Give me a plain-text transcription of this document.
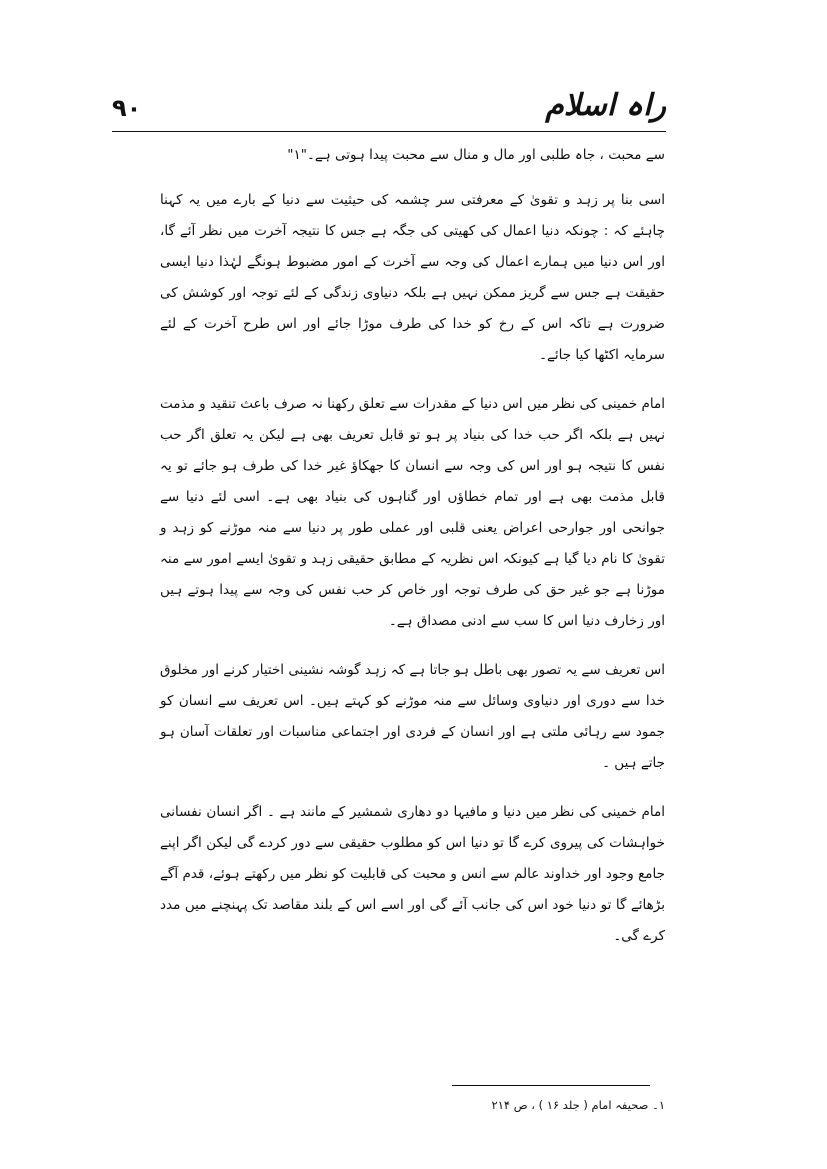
راہ اسلام
۹۰

سے محبت ، جاہ طلبی اور مال و منال سے محبت پیدا ہوتی ہے۔"۱"

اسی بنا پر زہد و تقویٰ کے معرفتی سر چشمہ کی حیثیت سے دنیا کے بارے میں یہ کہنا چاہئے کہ : چونکہ دنیا اعمال کی کھیتی کی جگہ ہے جس کا نتیجہ آخرت میں نظر آئے گا، اور اس دنیا میں ہمارے اعمال کی وجہ سے آخرت کے امور مضبوط ہونگے لہٰذا دنیا ایسی حقیقت ہے جس سے گریز ممکن نہیں ہے بلکہ دنیاوی زندگی کے لئے توجہ اور کوشش کی ضرورت ہے تاکہ اس کے رخ کو خدا کی طرف موڑا جائے اور اس طرح آخرت کے لئے سرمایہ اکٹھا کیا جائے۔

امام خمینی کی نظر میں اس دنیا کے مقدرات سے تعلق رکھنا نہ صرف باعث تنقید و مذمت نہیں ہے بلکہ اگر حب خدا کی بنیاد پر ہو تو قابل تعریف بھی ہے لیکن یہ تعلق اگر حب نفس کا نتیجہ ہو اور اس کی وجہ سے انسان کا جھکاؤ غیر خدا کی طرف ہو جائے تو یہ قابل مذمت بھی ہے اور تمام خطاؤں اور گناہوں کی بنیاد بھی ہے۔ اسی لئے دنیا سے جوانحی اور جوارحی اعراض یعنی قلبی اور عملی طور پر دنیا سے منہ موڑنے کو زہد و تقویٰ کا نام دیا گیا ہے کیونکہ اس نظریہ کے مطابق حقیقی زہد و تقویٰ ایسے امور سے منہ موڑنا ہے جو غیر حق کی طرف توجہ اور خاص کر حب نفس کی وجہ سے پیدا ہوتے ہیں اور زخارف دنیا اس کا سب سے ادنی مصداق ہے۔

اس تعریف سے یہ تصور بھی باطل ہو جاتا ہے کہ زہد گوشہ نشینی اختیار کرنے اور مخلوق خدا سے دوری اور دنیاوی وسائل سے منہ موڑنے کو کہتے ہیں۔ اس تعریف سے انسان کو جمود سے رہائی ملتی ہے اور انسان کے فردی اور اجتماعی مناسبات اور تعلقات آسان ہو جاتے ہیں ۔

امام خمینی کی نظر میں دنیا و مافیہا دو دھاری شمشیر کے مانند ہے ۔ اگر انسان نفسانی خواہشات کی پیروی کرے گا تو دنیا اس کو مطلوب حقیقی سے دور کردے گی لیکن اگر اپنے جامع وجود اور خداوند عالم سے انس و محبت کی قابلیت کو نظر میں رکھتے ہوئے، قدم آگے بڑھائے گا تو دنیا خود اس کی جانب آئے گی اور اسے اس کے بلند مقاصد تک پہنچنے میں مدد کرے گی۔

۱۔ صحیفہ امام ( جلد ۱۶ ) ، ص ۲۱۴
